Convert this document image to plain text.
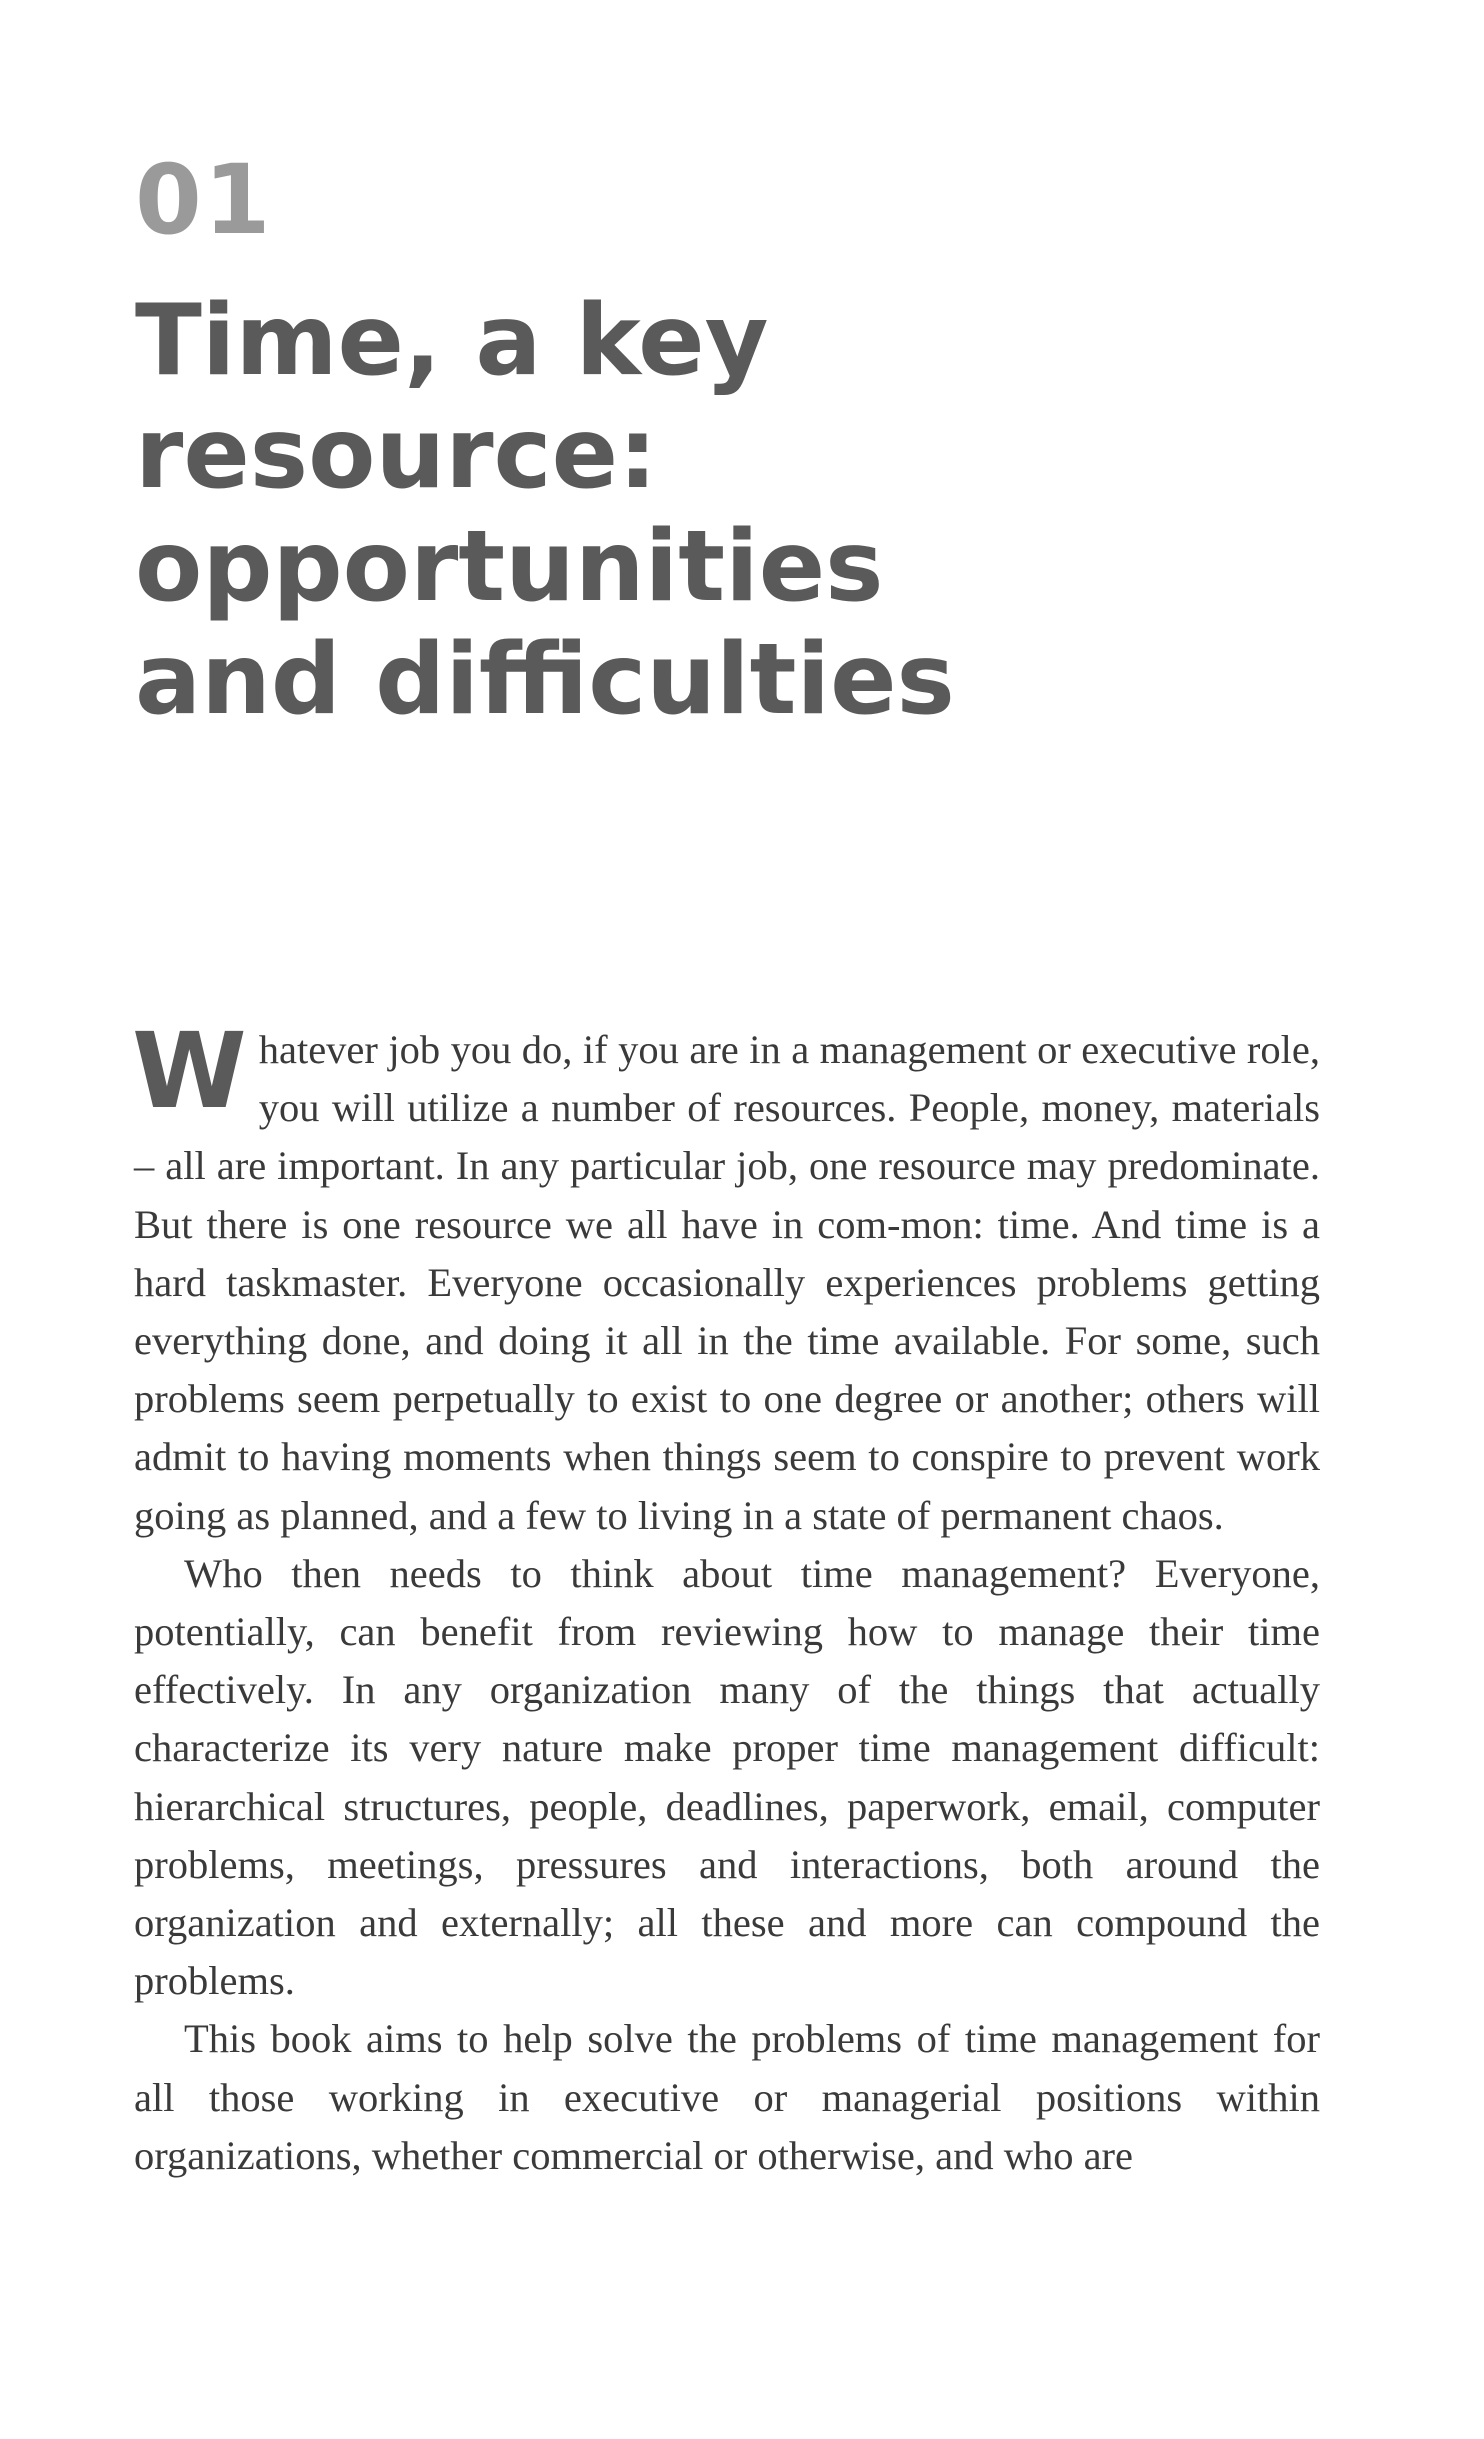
01
Time, a key
resource:
opportunities
and difficulties

Whatever job you do, if you are in a management or executive role, you will utilize a number of resources. People, money, materials – all are important. In any particular job, one resource may predominate. But there is one resource we all have in com-mon: time. And time is a hard taskmaster. Everyone occasionally experiences problems getting everything done, and doing it all in the time available. For some, such problems seem perpetually to exist to one degree or another; others will admit to having moments when things seem to conspire to prevent work going as planned, and a few to living in a state of permanent chaos.

Who then needs to think about time management? Everyone, potentially, can benefit from reviewing how to manage their time effectively. In any organization many of the things that actually characterize its very nature make proper time management difficult: hierarchical structures, people, deadlines, paperwork, email, computer problems, meetings, pressures and interactions, both around the organization and externally; all these and more can compound the problems.

This book aims to help solve the problems of time management for all those working in executive or managerial positions within organizations, whether commercial or otherwise, and who are
